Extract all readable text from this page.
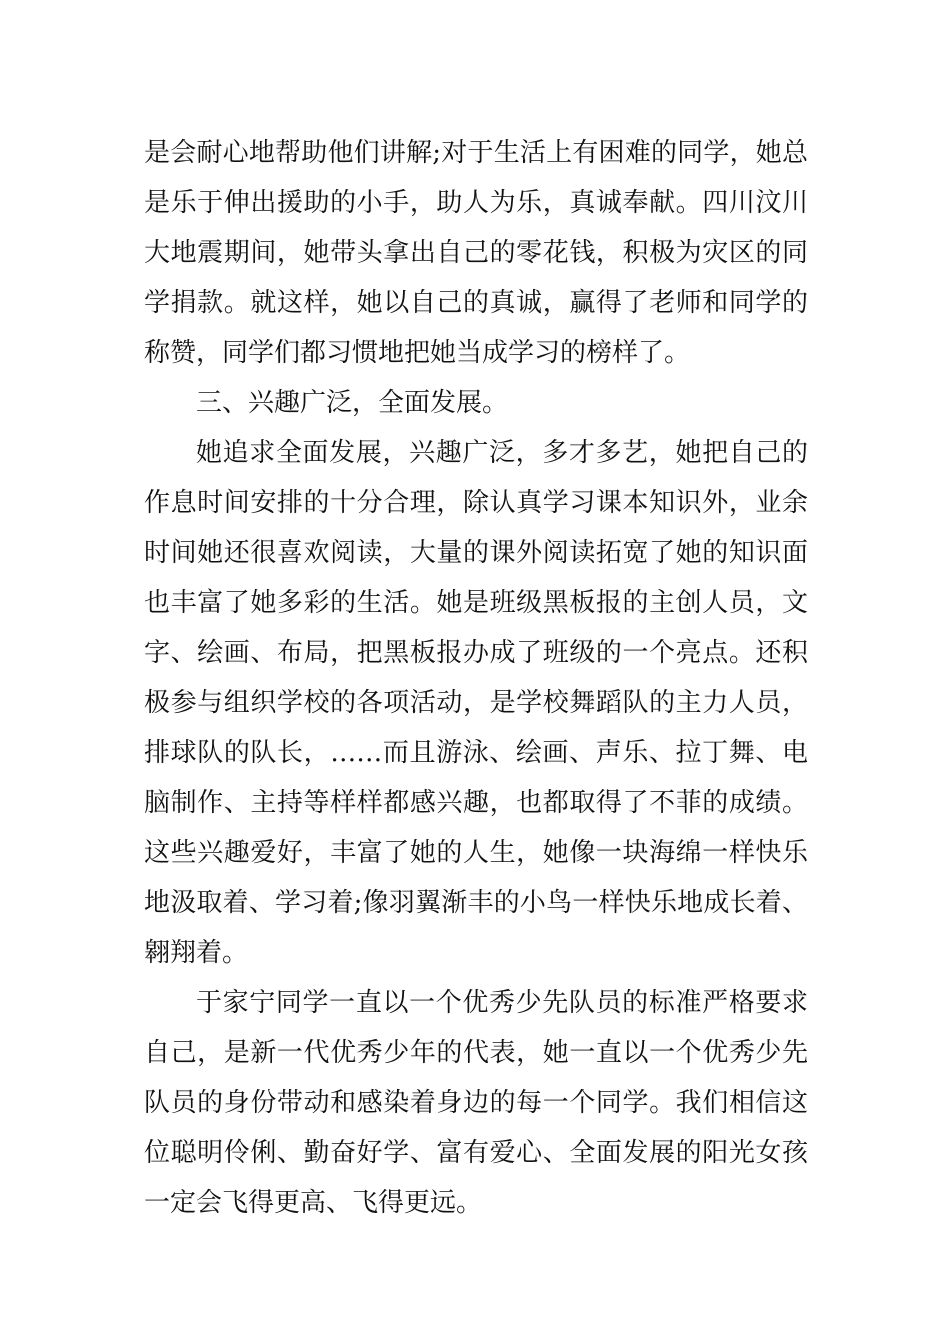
是会耐心地帮助他们讲解;对于生活上有困难的同学，她总
是乐于伸出援助的小手，助人为乐，真诚奉献。四川汶川
大地震期间，她带头拿出自己的零花钱，积极为灾区的同
学捐款。就这样，她以自己的真诚，赢得了老师和同学的
称赞，同学们都习惯地把她当成学习的榜样了。
三、兴趣广泛，全面发展。
她追求全面发展，兴趣广泛，多才多艺，她把自己的
作息时间安排的十分合理，除认真学习课本知识外，业余
时间她还很喜欢阅读，大量的课外阅读拓宽了她的知识面
也丰富了她多彩的生活。她是班级黑板报的主创人员，文
字、绘画、布局，把黑板报办成了班级的一个亮点。还积
极参与组织学校的各项活动，是学校舞蹈队的主力人员，
排球队的队长，……而且游泳、绘画、声乐、拉丁舞、电
脑制作、主持等样样都感兴趣，也都取得了不菲的成绩。
这些兴趣爱好，丰富了她的人生，她像一块海绵一样快乐
地汲取着、学习着;像羽翼渐丰的小鸟一样快乐地成长着、
翱翔着。
于家宁同学一直以一个优秀少先队员的标准严格要求
自己，是新一代优秀少年的代表，她一直以一个优秀少先
队员的身份带动和感染着身边的每一个同学。我们相信这
位聪明伶俐、勤奋好学、富有爱心、全面发展的阳光女孩
一定会飞得更高、飞得更远。
